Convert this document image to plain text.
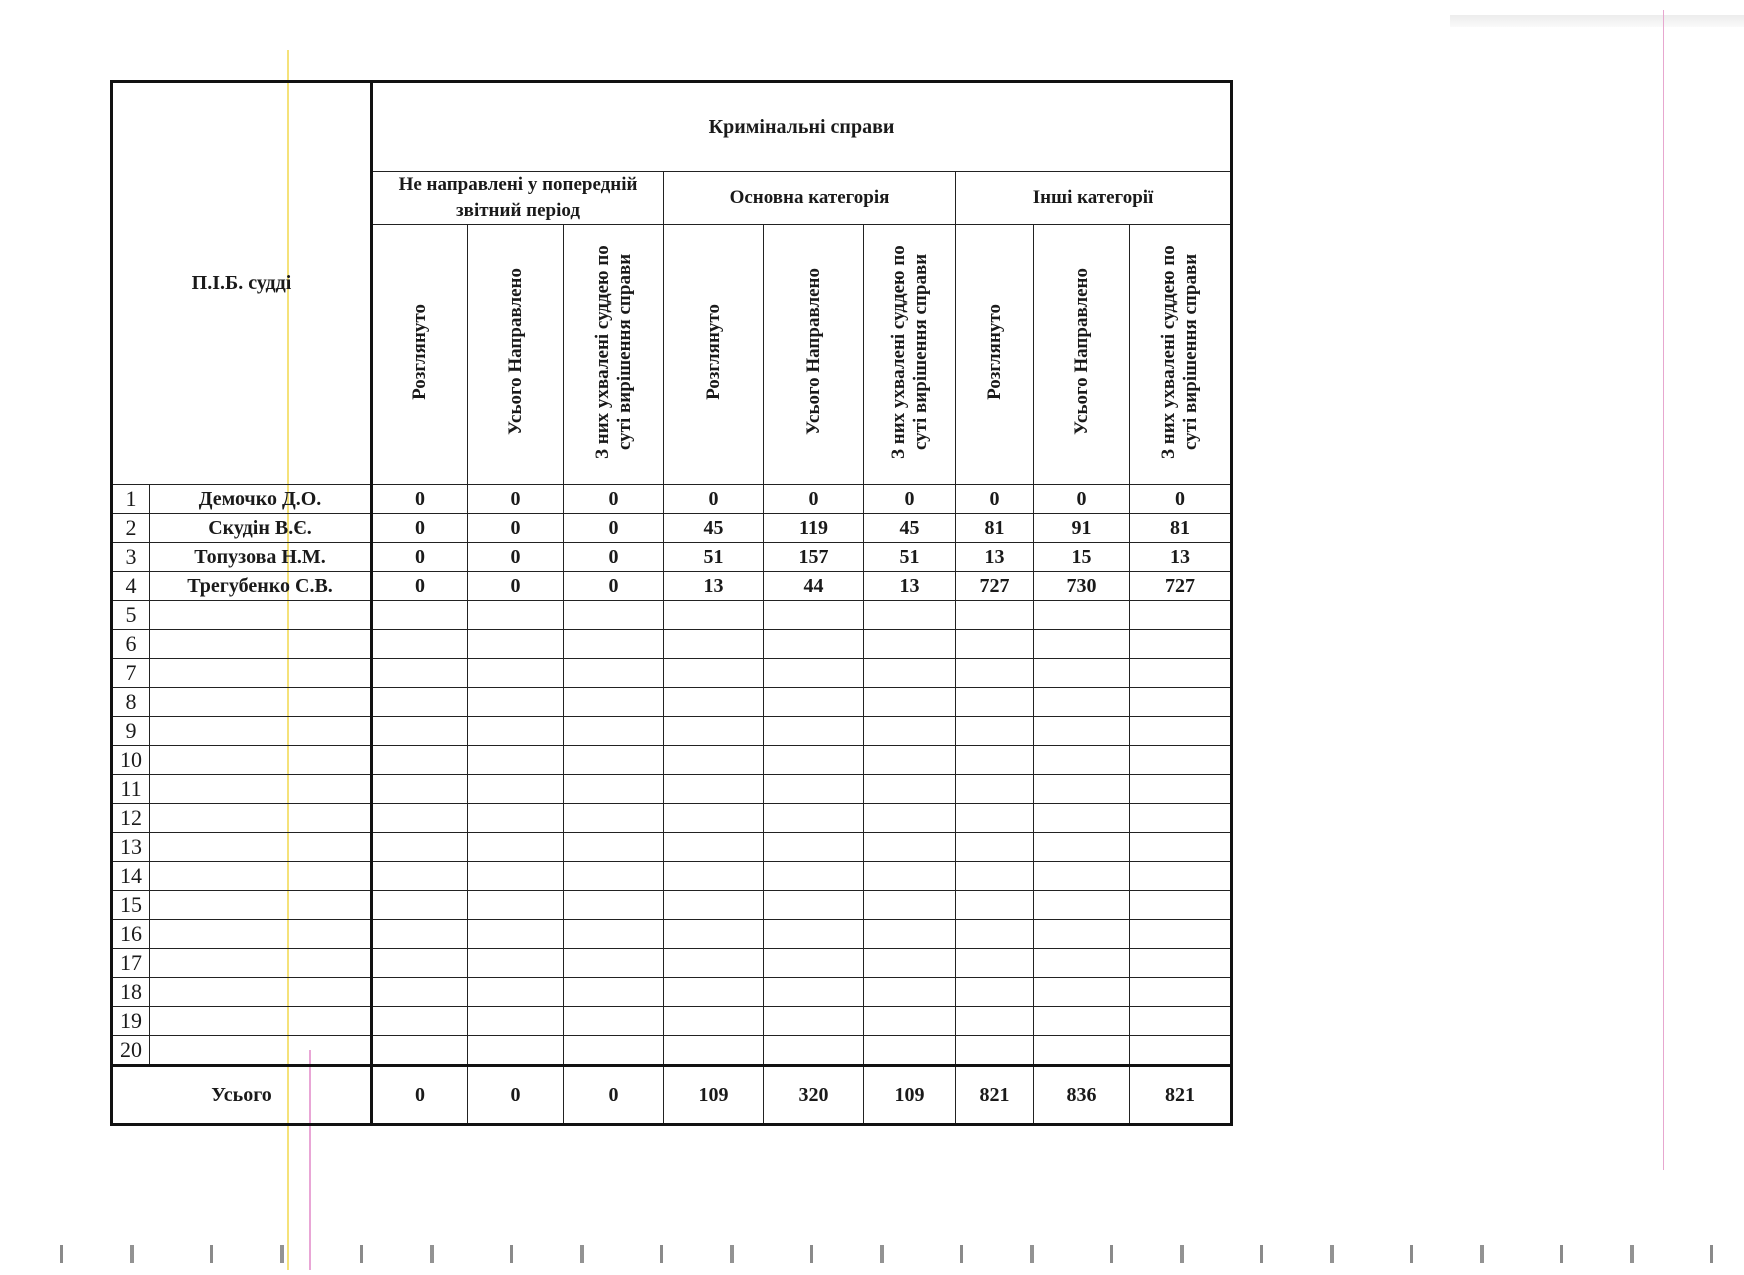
П.І.Б. судді		Кримінальні справи								
		Не направлені у попередній звітний період			Основна категорія			Інші категорії		
		Розглянуто	Усього Направлено	З них ухвалені суддею по суті вирішення справи	Розглянуто	Усього Направлено	З них ухвалені суддею по суті вирішення справи	Розглянуто	Усього Направлено	З них ухвалені суддею по суті вирішення справи
1	Демочко Д.О.	0	0	0	0	0	0	0	0	0
2	Скудін В.Є.	0	0	0	45	119	45	81	91	81
3	Топузова Н.М.	0	0	0	51	157	51	13	15	13
4	Трегубенко С.В.	0	0	0	13	44	13	727	730	727
5										
6										
7										
8										
9										
10										
11										
12										
13										
14										
15										
16										
17										
18										
19										
20										
Усього		0	0	0	109	320	109	821	836	821
